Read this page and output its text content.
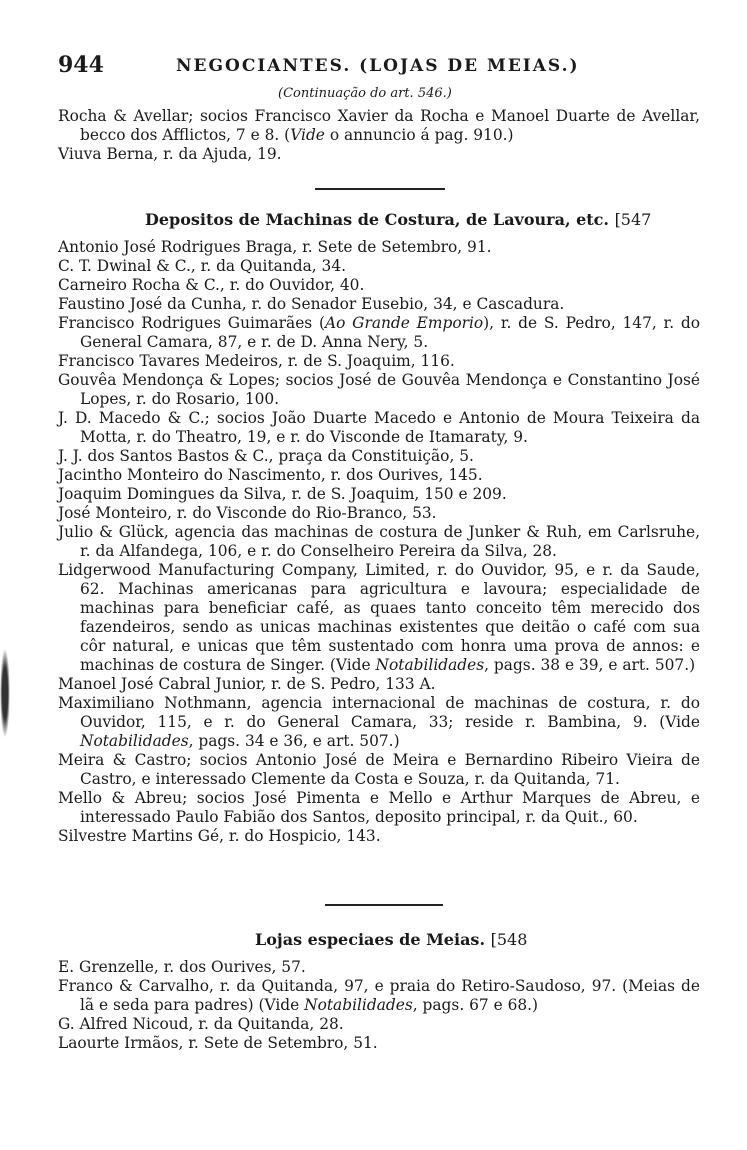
944	NEGOCIANTES. (LOJAS DE MEIAS.)
(Continuação do art. 546.)
Rocha & Avellar; socios Francisco Xavier da Rocha e Manoel Duarte de Avellar, becco dos Afflictos, 7 e 8. (Vide o annuncio á pag. 910.)
Viuva Berna, r. da Ajuda, 19.
Depositos de Machinas de Costura, de Lavoura, etc. [547
Antonio José Rodrigues Braga, r. Sete de Setembro, 91.
C. T. Dwinal & C., r. da Quitanda, 34.
Carneiro Rocha & C., r. do Ouvidor, 40.
Faustino José da Cunha, r. do Senador Eusebio, 34, e Cascadura.
Francisco Rodrigues Guimarães (Ao Grande Emporio), r. de S. Pedro, 147, r. do General Camara, 87, e r. de D. Anna Nery, 5.
Francisco Tavares Medeiros, r. de S. Joaquim, 116.
Gouvêa Mendonça & Lopes; socios José de Gouvêa Mendonça e Constantino José Lopes, r. do Rosario, 100.
J. D. Macedo & C.; socios João Duarte Macedo e Antonio de Moura Teixeira da Motta, r. do Theatro, 19, e r. do Visconde de Itamaraty, 9.
J. J. dos Santos Bastos & C., praça da Constituição, 5.
Jacintho Monteiro do Nascimento, r. dos Ourives, 145.
Joaquim Domingues da Silva, r. de S. Joaquim, 150 e 209.
José Monteiro, r. do Visconde do Rio-Branco, 53.
Julio & Glück, agencia das machinas de costura de Junker & Ruh, em Carlsruhe, r. da Alfandega, 106, e r. do Conselheiro Pereira da Silva, 28.
Lidgerwood Manufacturing Company, Limited, r. do Ouvidor, 95, e r. da Saude, 62. Machinas americanas para agricultura e lavoura; especialidade de machinas para beneficiar café, as quaes tanto conceito têm merecido dos fazendeiros, sendo as unicas machinas existentes que deitão o café com sua côr natural, e unicas que têm sustentado com honra uma prova de annos: e machinas de costura de Singer. (Vide Notabilidades, pags. 38 e 39, e art. 507.)
Manoel José Cabral Junior, r. de S. Pedro, 133 A.
Maximiliano Nothmann, agencia internacional de machinas de costura, r. do Ouvidor, 115, e r. do General Camara, 33; reside r. Bambina, 9. (Vide Notabilidades, pags. 34 e 36, e art. 507.)
Meira & Castro; socios Antonio José de Meira e Bernardino Ribeiro Vieira de Castro, e interessado Clemente da Costa e Souza, r. da Quitanda, 71.
Mello & Abreu; socios José Pimenta e Mello e Arthur Marques de Abreu, e interessado Paulo Fabião dos Santos, deposito principal, r. da Quit., 60.
Silvestre Martins Gé, r. do Hospicio, 143.
Lojas especiaes de Meias. [548
E. Grenzelle, r. dos Ourives, 57.
Franco & Carvalho, r. da Quitanda, 97, e praia do Retiro-Saudoso, 97. (Meias de lã e seda para padres) (Vide Notabilidades, pags. 67 e 68.)
G. Alfred Nicoud, r. da Quitanda, 28.
Laourte Irmãos, r. Sete de Setembro, 51.
